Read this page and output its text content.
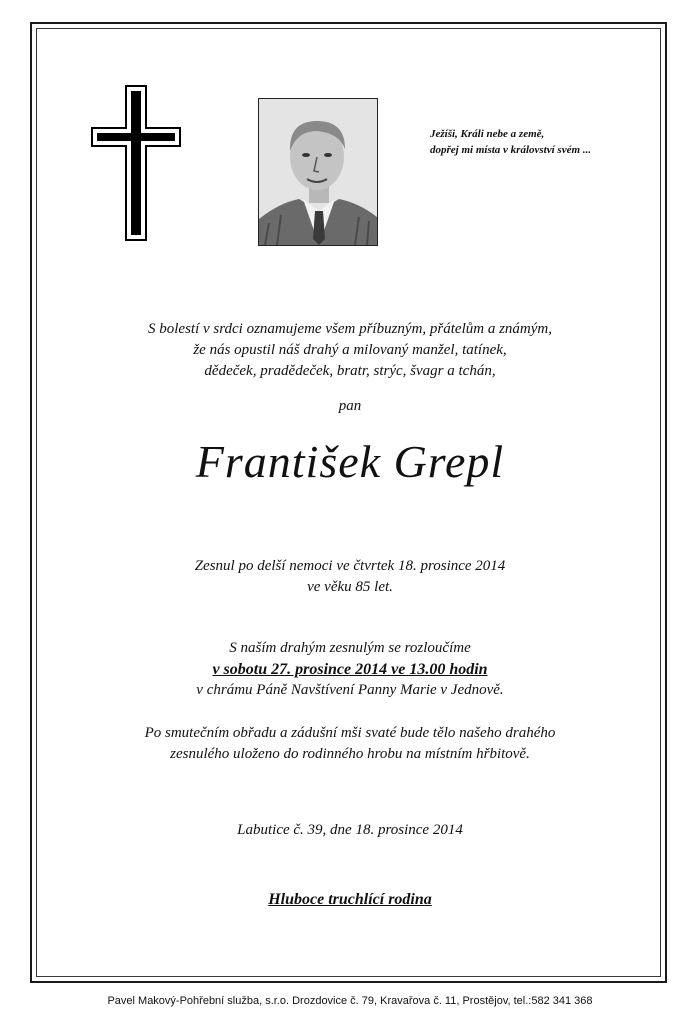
Ježíši, Králi nebe a země,
dopřej mi místa v království svém ...
S bolestí v srdci oznamujeme všem příbuzným, přátelům a známým,
že nás opustil náš drahý a milovaný manžel, tatínek,
dědeček, pradědeček, bratr, strýc, švagr a tchán,
pan
František Grepl
Zesnul po delší nemoci ve čtvrtek 18. prosince 2014
ve věku 85 let.
S naším drahým zesnulým se rozloučíme
v sobotu 27. prosince 2014 ve 13.00 hodin
v chrámu Páně Navštívení Panny Marie v Jednově.
Po smutečním obřadu a zádušní mši svaté bude tělo našeho drahého
zesnulého uloženo do rodinného hrobu na místním hřbitově.
Labutice č. 39, dne 18. prosince 2014
Hluboce truchlící rodina
Pavel Makový-Pohřební služba, s.r.o. Drozdovice č. 79, Kravařova č. 11, Prostějov, tel.:582 341 368
